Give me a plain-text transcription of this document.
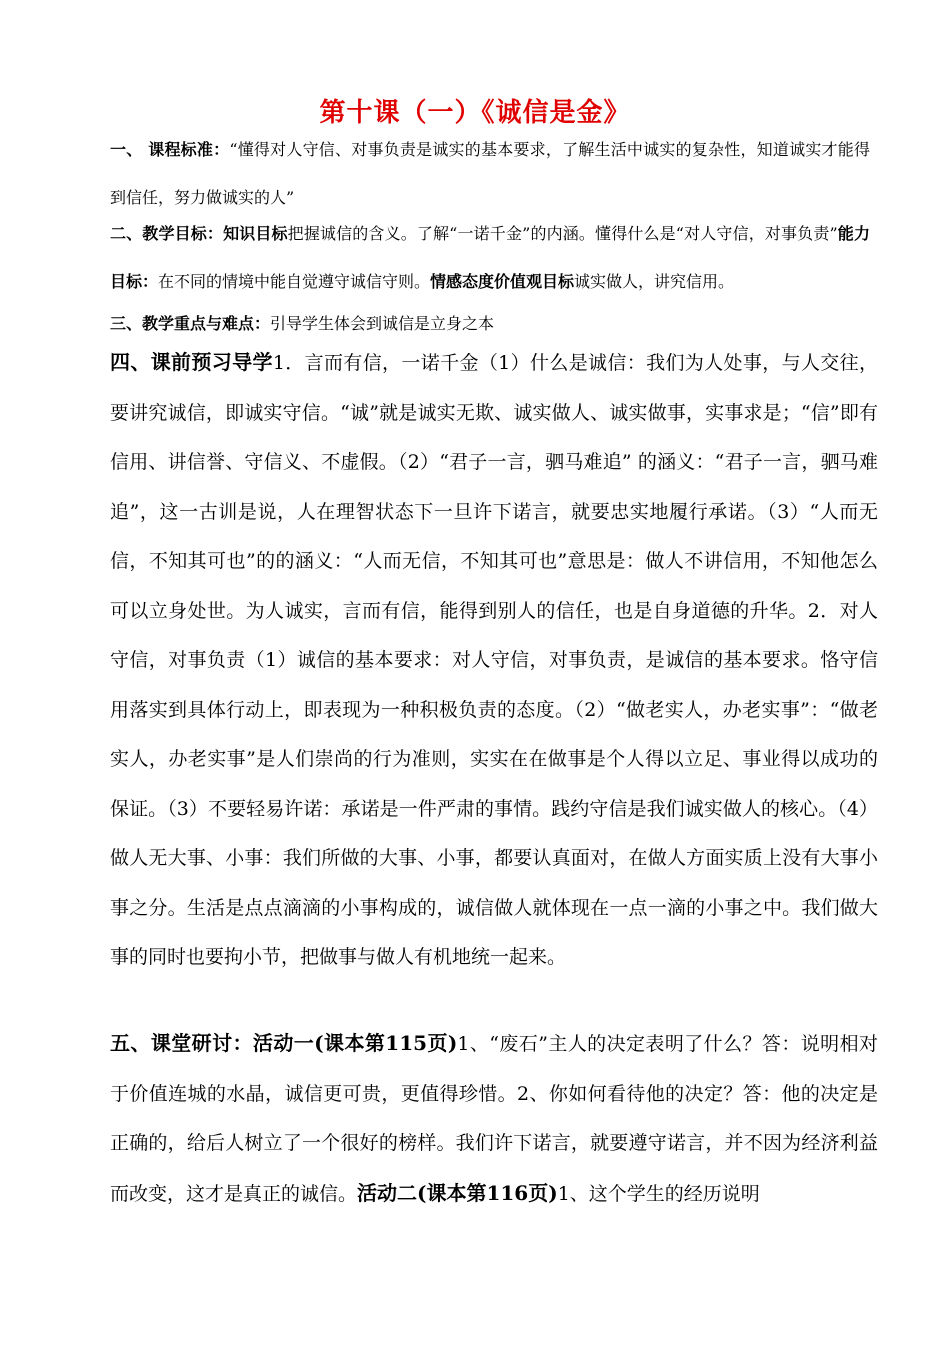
第十课（一）《诚信是金》

一、 课程标准：“懂得对人守信、对事负责是诚实的基本要求，了解生活中诚实的复杂性，知道诚实才能得到信任，努力做诚实的人”

二、教学目标：知识目标把握诚信的含义。了解“一诺千金”的内涵。懂得什么是“对人守信，对事负责”能力目标：在不同的情境中能自觉遵守诚信守则。情感态度价值观目标诚实做人，讲究信用。

三、教学重点与难点：引导学生体会到诚信是立身之本

四、课前预习导学1．言而有信，一诺千金（1）什么是诚信：我们为人处事，与人交往，要讲究诚信，即诚实守信。“诚”就是诚实无欺、诚实做人、诚实做事，实事求是；“信”即有信用、讲信誉、守信义、不虚假。（2）“君子一言，驷马难追” 的涵义：“君子一言，驷马难追”，这一古训是说，人在理智状态下一旦许下诺言，就要忠实地履行承诺。（3）“人而无信，不知其可也”的的涵义：“人而无信，不知其可也”意思是：做人不讲信用，不知他怎么可以立身处世。为人诚实，言而有信，能得到别人的信任，也是自身道德的升华。2．对人守信，对事负责（1）诚信的基本要求：对人守信，对事负责，是诚信的基本要求。恪守信用落实到具体行动上，即表现为一种积极负责的态度。（2）“做老实人，办老实事”：“做老实人，办老实事”是人们崇尚的行为准则，实实在在做事是个人得以立足、事业得以成功的保证。（3）不要轻易许诺：承诺是一件严肃的事情。践约守信是我们诚实做人的核心。（4）做人无大事、小事：我们所做的大事、小事，都要认真面对，在做人方面实质上没有大事小事之分。生活是点点滴滴的小事构成的，诚信做人就体现在一点一滴的小事之中。我们做大事的同时也要拘小节，把做事与做人有机地统一起来。

五、课堂研讨：活动一(课本第115页)1、“废石”主人的决定表明了什么？答：说明相对于价值连城的水晶，诚信更可贵，更值得珍惜。2、你如何看待他的决定？答：他的决定是正确的，给后人树立了一个很好的榜样。我们许下诺言，就要遵守诺言，并不因为经济利益而改变，这才是真正的诚信。活动二(课本第116页)1、这个学生的经历说明
